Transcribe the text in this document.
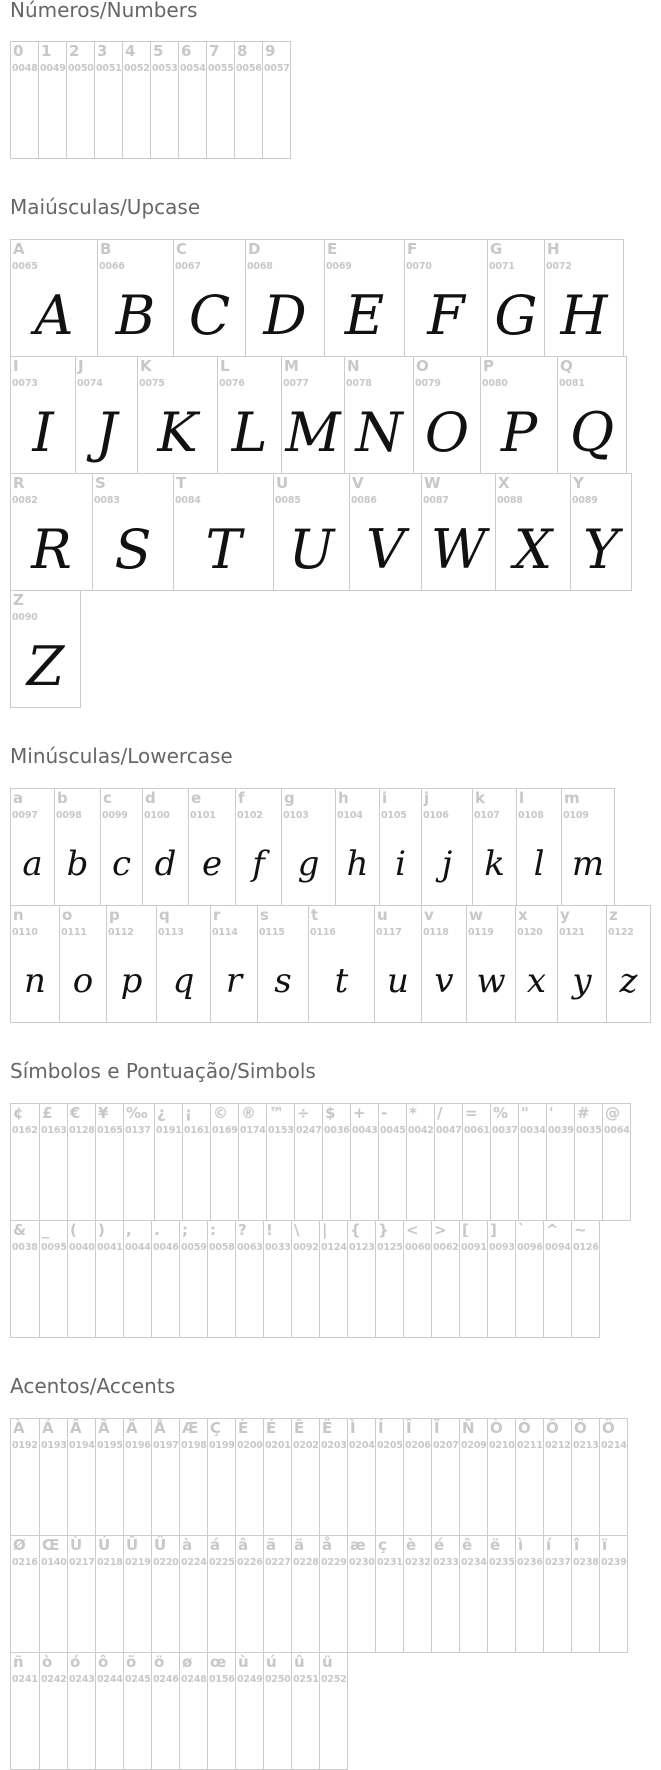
Números/Numbers
Maiúsculas/Upcase
Minúsculas/Lowercase
Símbolos e Pontuação/Simbols
Acentos/Accents
0
0048
1
0049
2
0050
3
0051
4
0052
5
0053
6
0054
7
0055
8
0056
9
0057
A
0065
A
B
0066
B
C
0067
C
D
0068
D
E
0069
E
F
0070
F
G
0071
G
H
0072
H
I
0073
I
J
0074
J
K
0075
K
L
0076
L
M
0077
M
N
0078
N
O
0079
O
P
0080
P
Q
0081
Q
R
0082
R
S
0083
S
T
0084
T
U
0085
U
V
0086
V
W
0087
W
X
0088
X
Y
0089
Y
Z
0090
Z
a
0097
a
b
0098
b
c
0099
c
d
0100
d
e
0101
e
f
0102
f
g
0103
g
h
0104
h
i
0105
i
j
0106
j
k
0107
k
l
0108
l
m
0109
m
n
0110
n
o
0111
o
p
0112
p
q
0113
q
r
0114
r
s
0115
s
t
0116
t
u
0117
u
v
0118
v
w
0119
w
x
0120
x
y
0121
y
z
0122
z
¢
0162
£
0163
€
0128
¥
0165
‰
0137
¿
0191
¡
0161
©
0169
®
0174
™
0153
÷
0247
$
0036
+
0043
-
0045
*
0042
/
0047
=
0061
%
0037
"
0034
'
0039
#
0035
@
0064
&
0038
_
0095
(
0040
)
0041
,
0044
.
0046
;
0059
:
0058
?
0063
!
0033
\
0092
|
0124
{
0123
}
0125
<
0060
>
0062
[
0091
]
0093
`
0096
^
0094
~
0126
À
0192
Á
0193
Â
0194
Ã
0195
Ä
0196
Å
0197
Æ
0198
Ç
0199
È
0200
É
0201
Ê
0202
Ë
0203
Ì
0204
Í
0205
Î
0206
Ï
0207
Ñ
0209
Ò
0210
Ó
0211
Ô
0212
Ö
0213
Ö
0214
Ø
0216
Œ
0140
Ù
0217
Ú
0218
Û
0219
Ü
0220
à
0224
á
0225
â
0226
ã
0227
ä
0228
å
0229
æ
0230
ç
0231
è
0232
é
0233
ê
0234
ë
0235
ì
0236
í
0237
î
0238
ï
0239
ñ
0241
ò
0242
ó
0243
ô
0244
õ
0245
ö
0246
ø
0248
œ
0156
ù
0249
ú
0250
û
0251
ü
0252
